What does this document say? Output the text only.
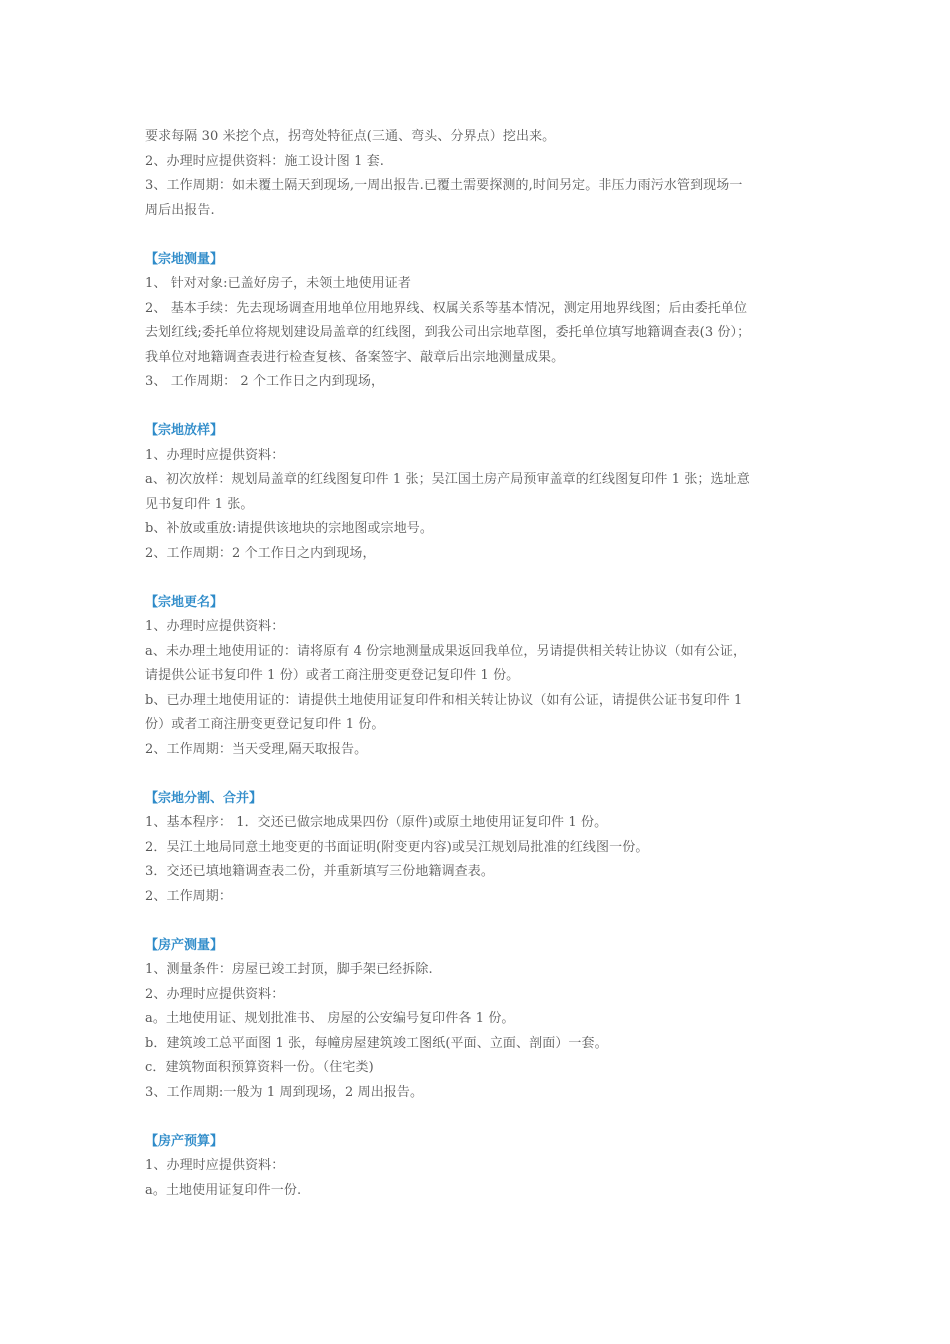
要求每隔 30 米挖个点，拐弯处特征点(三通、弯头、分界点）挖出来。
2、办理时应提供资料：施工设计图 1 套.
3、工作周期：如未覆土隔天到现场,一周出报告.已覆土需要探测的,时间另定。非压力雨污水管到现场一
周后出报告.
【宗地测量】
1、 针对对象:已盖好房子，未领土地使用证者
2、 基本手续：先去现场调查用地单位用地界线、权属关系等基本情况，测定用地界线图；后由委托单位
去划红线;委托单位将规划建设局盖章的红线图，到我公司出宗地草图，委托单位填写地籍调查表(3 份）；
我单位对地籍调查表进行检查复核、备案签字、敲章后出宗地测量成果。
3、 工作周期： 2 个工作日之内到现场，
【宗地放样】
1、办理时应提供资料：
a、初次放样：规划局盖章的红线图复印件 1 张；吴江国土房产局预审盖章的红线图复印件 1 张；选址意
见书复印件 1 张。
b、补放或重放:请提供该地块的宗地图或宗地号。
2、工作周期：2 个工作日之内到现场，
【宗地更名】
1、办理时应提供资料：
a、未办理土地使用证的：请将原有 4 份宗地测量成果返回我单位，另请提供相关转让协议（如有公证，
请提供公证书复印件 1 份）或者工商注册变更登记复印件 1 份。
b、已办理土地使用证的：请提供土地使用证复印件和相关转让协议（如有公证，请提供公证书复印件 1
份）或者工商注册变更登记复印件 1 份。
2、工作周期：当天受理,隔天取报告。
【宗地分割、合并】
1、基本程序： 1．交还已做宗地成果四份（原件)或原土地使用证复印件 1 份。
2．吴江土地局同意土地变更的书面证明(附变更内容)或吴江规划局批准的红线图一份。
3．交还已填地籍调查表二份，并重新填写三份地籍调查表。
2、工作周期：
【房产测量】
1、测量条件：房屋已竣工封顶，脚手架已经拆除.
2、办理时应提供资料：
a。土地使用证、规划批准书、 房屋的公安编号复印件各 1 份。
b．建筑竣工总平面图 1 张，每幢房屋建筑竣工图纸(平面、立面、剖面）一套。
c．建筑物面积预算资料一份。（住宅类)
3、工作周期:一般为 1 周到现场，2 周出报告。
【房产预算】
1、办理时应提供资料：
a。土地使用证复印件一份.
